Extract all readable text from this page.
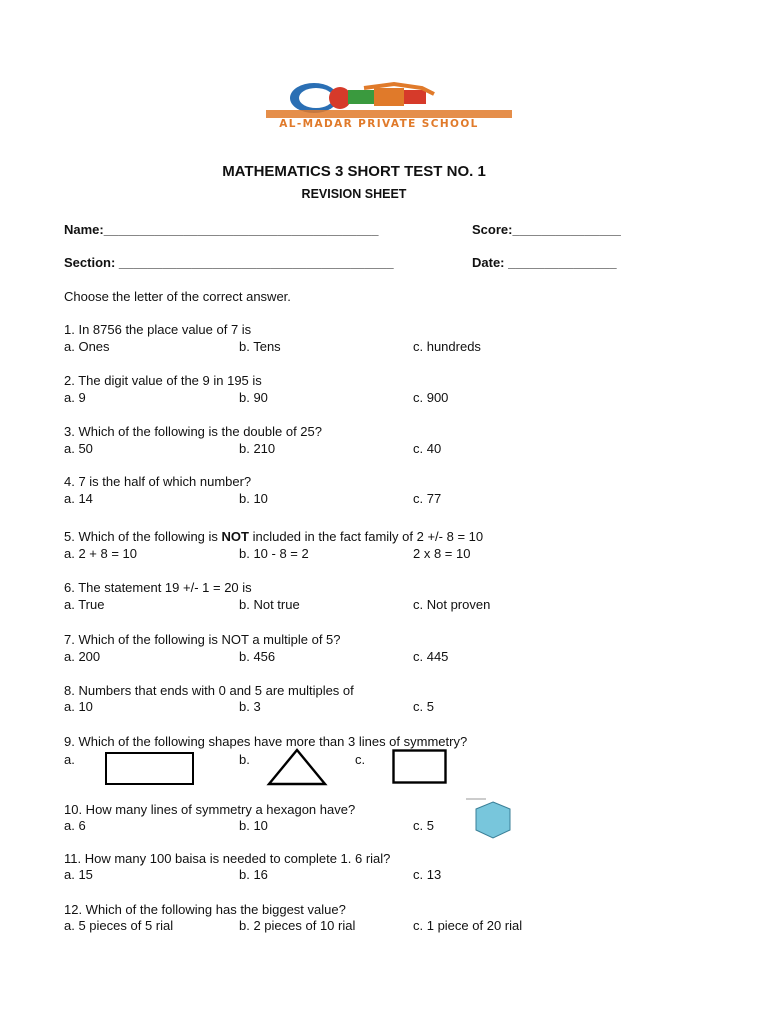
AL-MADAR PRIVATE SCHOOL
MATHEMATICS 3 SHORT TEST NO. 1
REVISION SHEET
Name:______________________________________	Score:_______________
Section: ______________________________________	Date: _______________
Choose the letter of the correct answer.
1. In 8756 the place value of 7 is
a. Ones	b. Tens	c. hundreds
2. The digit value of the 9 in 195 is
a. 9	b. 90	c. 900
3. Which of the following is the double of 25?
a. 50	b. 210	c. 40
4. 7 is the half of which number?
a. 14	b. 10	c. 77
5. Which of the following is NOT included in the fact family of 2 +/- 8 = 10
a. 2 + 8 = 10	b. 10 - 8 = 2	2 x 8 = 10
6. The statement 19 +/- 1 = 20 is
a. True	b. Not true	c. Not proven
7. Which of the following is NOT a multiple of 5?
a. 200	b. 456	c. 445
8. Numbers that ends with 0 and 5 are multiples of
a. 10	b. 3	c. 5
9. Which of the following shapes have more than 3 lines of symmetry?
a.	b.	c.
10. How many lines of symmetry a hexagon have?
a. 6	b. 10	c. 5
11. How many 100 baisa is needed to complete 1. 6 rial?
a. 15	b. 16	c. 13
12. Which of the following has the biggest value?
a. 5 pieces of 5 rial	b. 2 pieces of 10 rial	c. 1 piece of 20 rial
